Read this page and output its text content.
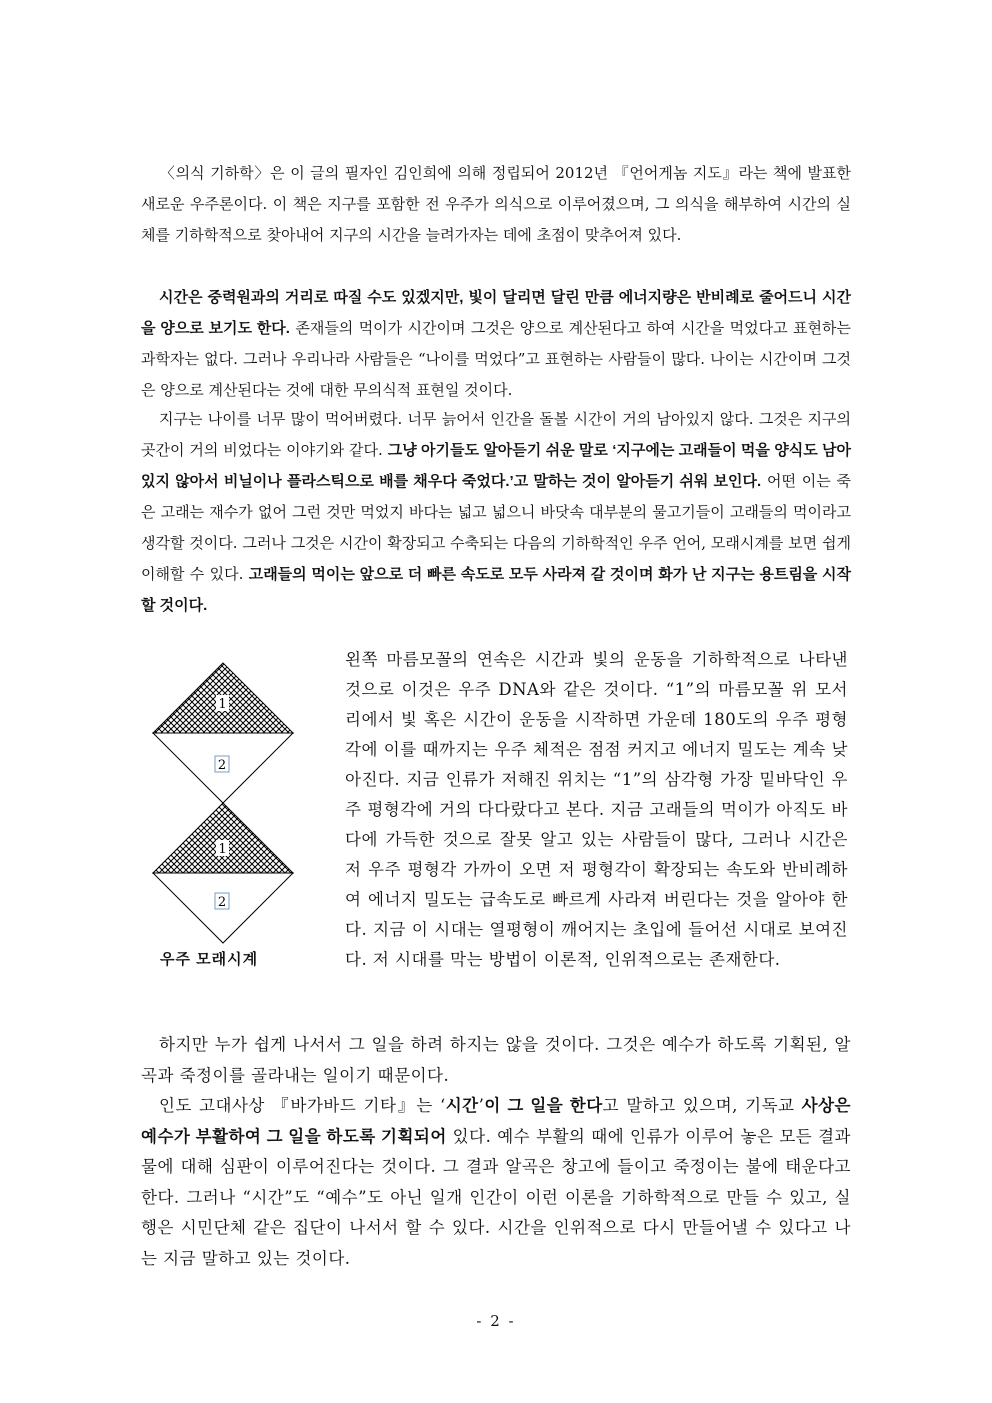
〈의식 기하학〉은 이 글의 필자인 김인희에 의해 정립되어 2012년 『언어게놈 지도』라는 책에 발표한 새로운 우주론이다. 이 책은 지구를 포함한 전 우주가 의식으로 이루어졌으며, 그 의식을 해부하여 시간의 실체를 기하학적으로 찾아내어 지구의 시간을 늘려가자는 데에 초점이 맞추어져 있다.

시간은 중력원과의 거리로 따질 수도 있겠지만, 빛이 달리면 달린 만큼 에너지량은 반비례로 줄어드니 시간을 양으로 보기도 한다. 존재들의 먹이가 시간이며 그것은 양으로 계산된다고 하여 시간을 먹었다고 표현하는 과학자는 없다. 그러나 우리나라 사람들은 “나이를 먹었다”고 표현하는 사람들이 많다. 나이는 시간이며 그것은 양으로 계산된다는 것에 대한 무의식적 표현일 것이다.

지구는 나이를 너무 많이 먹어버렸다. 너무 늙어서 인간을 돌볼 시간이 거의 남아있지 않다. 그것은 지구의 곳간이 거의 비었다는 이야기와 같다. 그냥 아기들도 알아듣기 쉬운 말로 ‘지구에는 고래들이 먹을 양식도 남아있지 않아서 비닐이나 플라스틱으로 배를 채우다 죽었다.’고 말하는 것이 알아듣기 쉬워 보인다. 어떤 이는 죽은 고래는 재수가 없어 그런 것만 먹었지 바다는 넓고 넓으니 바닷속 대부분의 물고기들이 고래들의 먹이라고 생각할 것이다. 그러나 그것은 시간이 확장되고 수축되는 다음의 기하학적인 우주 언어, 모래시계를 보면 쉽게 이해할 수 있다. 고래들의 먹이는 앞으로 더 빠른 속도로 모두 사라져 갈 것이며 화가 난 지구는 용트림을 시작할 것이다.

1
2
1
2
우주 모래시계

왼쪽 마름모꼴의 연속은 시간과 빛의 운동을 기하학적으로 나타낸 것으로 이것은 우주 DNA와 같은 것이다. “1”의 마름모꼴 위 모서리에서 빛 혹은 시간이 운동을 시작하면 가운데 180도의 우주 평형각에 이를 때까지는 우주 체적은 점점 커지고 에너지 밀도는 계속 낮아진다. 지금 인류가 저해진 위치는 “1”의 삼각형 가장 밑바닥인 우주 평형각에 거의 다다랐다고 본다. 지금 고래들의 먹이가 아직도 바다에 가득한 것으로 잘못 알고 있는 사람들이 많다, 그러나 시간은 저 우주 평형각 가까이 오면 저 평형각이 확장되는 속도와 반비례하여 에너지 밀도는 급속도로 빠르게 사라져 버린다는 것을 알아야 한다. 지금 이 시대는 열평형이 깨어지는 초입에 들어선 시대로 보여진다. 저 시대를 막는 방법이 이론적, 인위적으로는 존재한다.

하지만 누가 쉽게 나서서 그 일을 하려 하지는 않을 것이다. 그것은 예수가 하도록 기획된, 알곡과 죽정이를 골라내는 일이기 때문이다.

인도 고대사상 『바가바드 기타』는 ‘시간’이 그 일을 한다고 말하고 있으며, 기독교 사상은 예수가 부활하여 그 일을 하도록 기획되어 있다. 예수 부활의 때에 인류가 이루어 놓은 모든 결과물에 대해 심판이 이루어진다는 것이다. 그 결과 알곡은 창고에 들이고 죽정이는 불에 태운다고 한다. 그러나 “시간”도 “예수”도 아닌 일개 인간이 이런 이론을 기하학적으로 만들 수 있고, 실행은 시민단체 같은 집단이 나서서 할 수 있다. 시간을 인위적으로 다시 만들어낼 수 있다고 나는 지금 말하고 있는 것이다.

- 2 -
